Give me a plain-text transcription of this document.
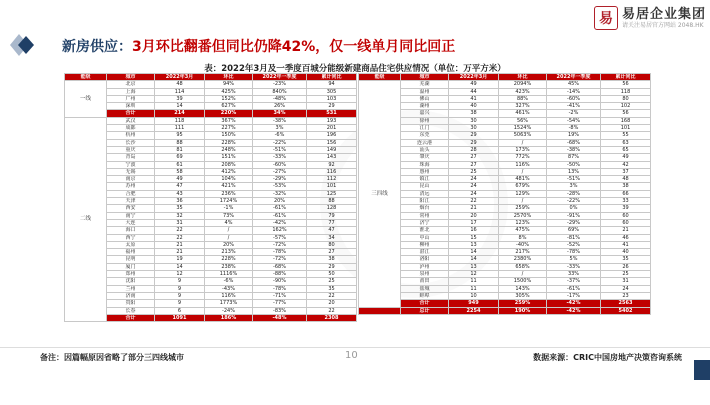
新房供应：3月环比翻番但同比仍降42%，仅一线单月同比回正
易 易居企业集团
请关注易居官方网站 2048.HK
表：2022年3月及一季度百城分能级新建商品住宅供应情况（单位：万平方米）
能级	城市	2022年3月	环比	2022年一季度	累计同比	
一线	北京	48	94%	-23%	94	
	上海	114	425%	840%	305	
	广州	39	152%	-48%	103	
	深圳	14	627%	26%	29	
	合计	214	220%	34%	531	
二线	武汉	118	367%	-38%	193	
	成都	111	227%	3%	201	
	杭州	95	150%	-6%	196	
	长沙	88	228%	-22%	156	
	重庆	81	248%	-51%	149	
	青岛	69	151%	-33%	143	
	宁波	61	208%	-60%	92	
	无锡	58	412%	-27%	116	
	南京	49	104%	-29%	112	
	苏州	47	421%	-53%	101	
	合肥	43	236%	-32%	125	
	天津	36	1724%	20%	88	
	西安	35	-1%	-61%	128	
	南宁	32	73%	-61%	79	
	大连	31	4%	-42%	77	
	海口	22	/	162%	47	
	西宁	22	/	-57%	34	
	太原	21	20%	-72%	80	
	福州	21	213%	-78%	27	
	昆明	19	228%	-72%	38	
	厦门	14	238%	-68%	29	
	郑州	12	1116%	-88%	50	
	沈阳	9	-6%	-90%	25	
	兰州	9	-43%	-78%	35	
	济南	9	116%	-71%	22	
	贵阳	9	1773%	-77%	20	
	长春	6	-24%	-83%	22	
	合计	1091	186%	-48%	2308	
能级	城市	2022年3月	环比	2022年一季度	累计同比	
三四线	芜湖	49	2094%	45%	56	
	温州	44	423%	-14%	118	
	佛山	41	88%	-60%	80	
	湖州	40	327%	-41%	102	
	嘉兴	38	461%	-2%	56	
	徐州	30	56%	-54%	168	
	江门	30	1524%	-8%	101	
	东莞	29	5063%	19%	55	
	连云港	29	/	-68%	63	
	汕头	28	173%	-38%	65	
	肇庆	27	772%	87%	49	
	珠海	27	116%	-50%	42	
	惠州	25	/	13%	37	
	镇江	24	481%	-51%	48	
	昆山	24	679%	3%	38	
	清远	24	129%	-28%	66	
	阳江	22	/	-22%	33	
	烟台	21	259%	0%	39	
	常州	20	2570%	-91%	60	
	济宁	17	123%	-29%	60	
	淮北	16	475%	69%	21	
	中山	15	8%	-81%	46	
	柳州	13	-40%	-52%	41	
	湛江	14	217%	-78%	40	
	洛阳	14	2380%	5%	35	
	泸州	13	658%	-33%	26	
	泉州	12	/	33%	25	
	莆田	11	1500%	-37%	31	
	盐城	11	143%	-61%	24	
	蚌埠	10	305%	-17%	23	
	合计	949	259%	-42%	2563	
	总计	2254	190%	-42%	5402	
备注：因篇幅原因省略了部分三四线城市	10	数据来源：CRIC中国房地产决策咨询系统
